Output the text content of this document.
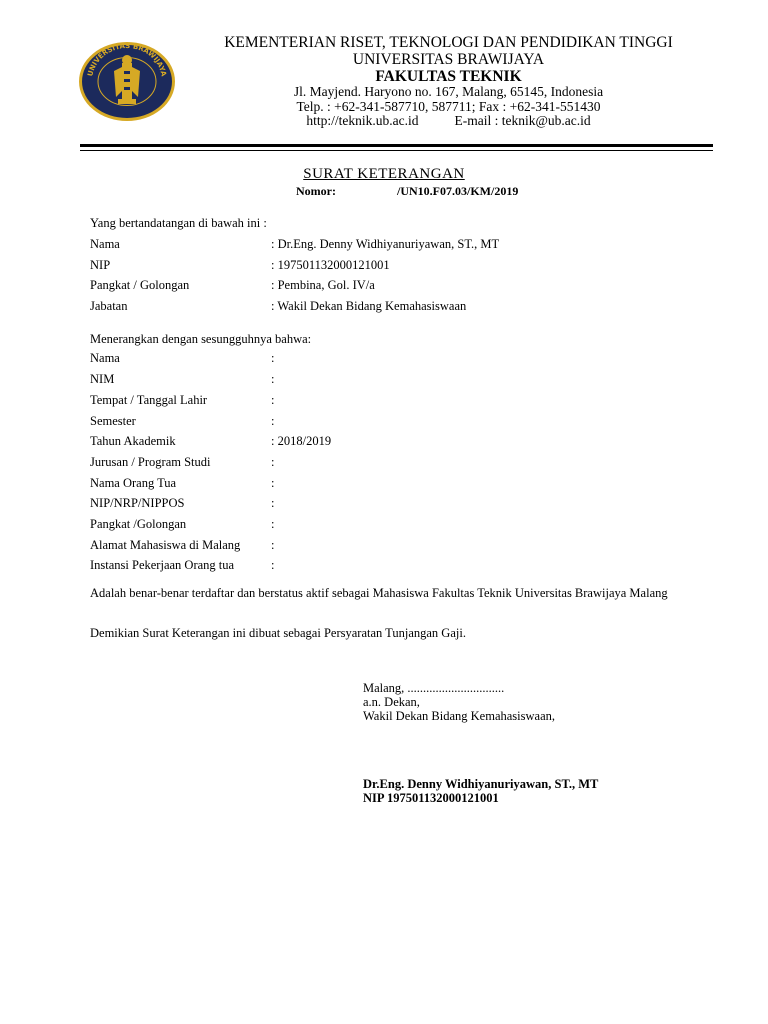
UNIVERSITAS BRAWIJAYA
KEMENTERIAN RISET, TEKNOLOGI DAN PENDIDIKAN TINGGI
UNIVERSITAS BRAWIJAYA
FAKULTAS TEKNIK
Jl. Mayjend. Haryono no. 167, Malang, 65145, Indonesia
Telp. : +62-341-587710, 587711; Fax : +62-341-551430
http://teknik.ub.ac.id	E-mail : teknik@ub.ac.id
SURAT KETERANGAN
Nomor:	/UN10.F07.03/KM/2019
Yang bertandatangan di bawah ini :
Nama	: Dr.Eng. Denny Widhiyanuriyawan, ST., MT
NIP	: 197501132000121001
Pangkat / Golongan	: Pembina, Gol. IV/a
Jabatan	: Wakil Dekan Bidang Kemahasiswaan
Menerangkan dengan sesungguhnya bahwa:
Nama	:
NIM	:
Tempat / Tanggal Lahir	:
Semester	:
Tahun Akademik	: 2018/2019
Jurusan / Program Studi	:
Nama Orang Tua	:
NIP/NRP/NIPPOS	:
Pangkat /Golongan	:
Alamat Mahasiswa di Malang :
Instansi Pekerjaan Orang tua	:
Adalah benar-benar terdaftar dan berstatus aktif sebagai Mahasiswa Fakultas Teknik Universitas Brawijaya Malang
Demikian Surat Keterangan ini dibuat sebagai Persyaratan Tunjangan Gaji.
Malang, ...............................
a.n. Dekan,
Wakil Dekan Bidang Kemahasiswaan,
Dr.Eng. Denny Widhiyanuriyawan, ST., MT
NIP 197501132000121001
